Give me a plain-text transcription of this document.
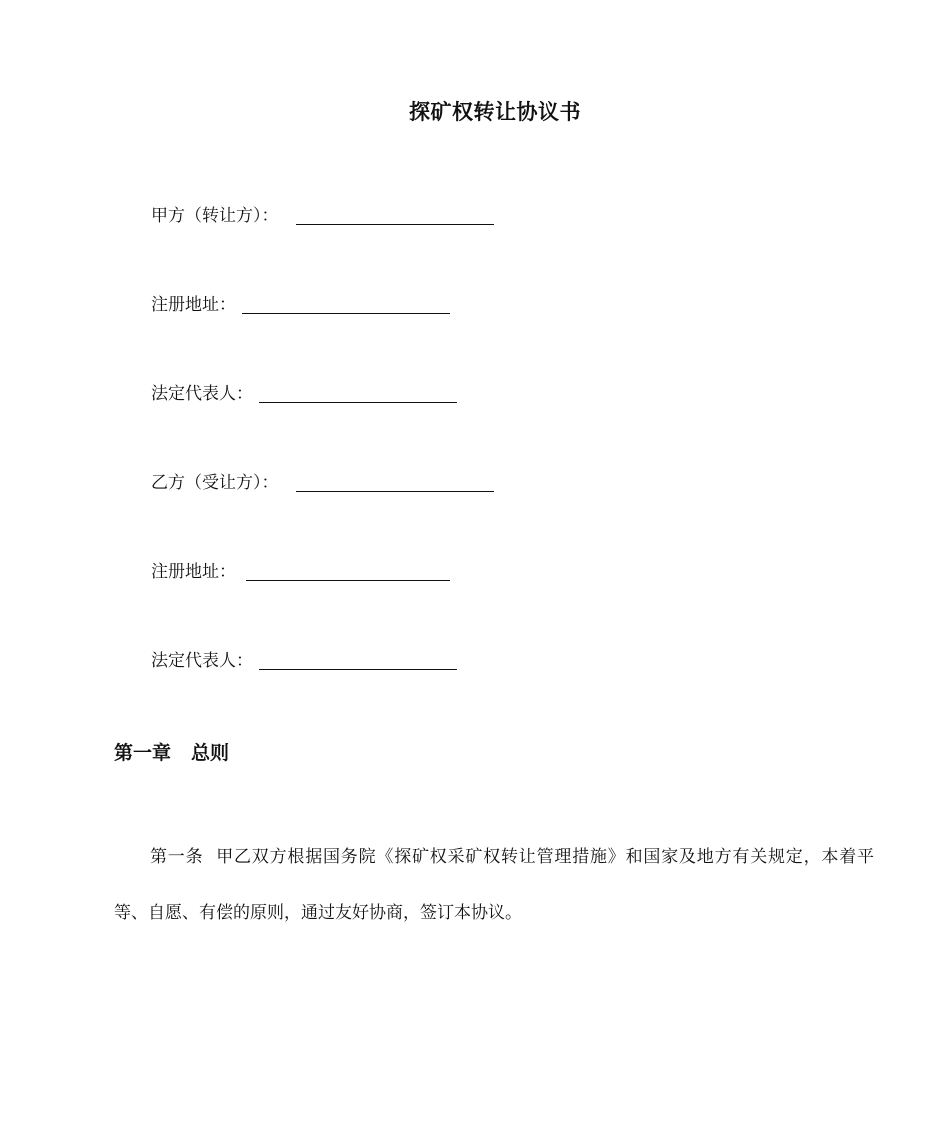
探矿权转让协议书
甲方（转让方）：
注册地址：
法定代表人：
乙方（受让方）：
注册地址：
法定代表人：
第一章 总则

第一条 甲乙双方根据国务院《探矿权采矿权转让管理措施》和国家及地方有关规定，本着平等、自愿、有偿的原则，通过友好协商，签订本协议。
